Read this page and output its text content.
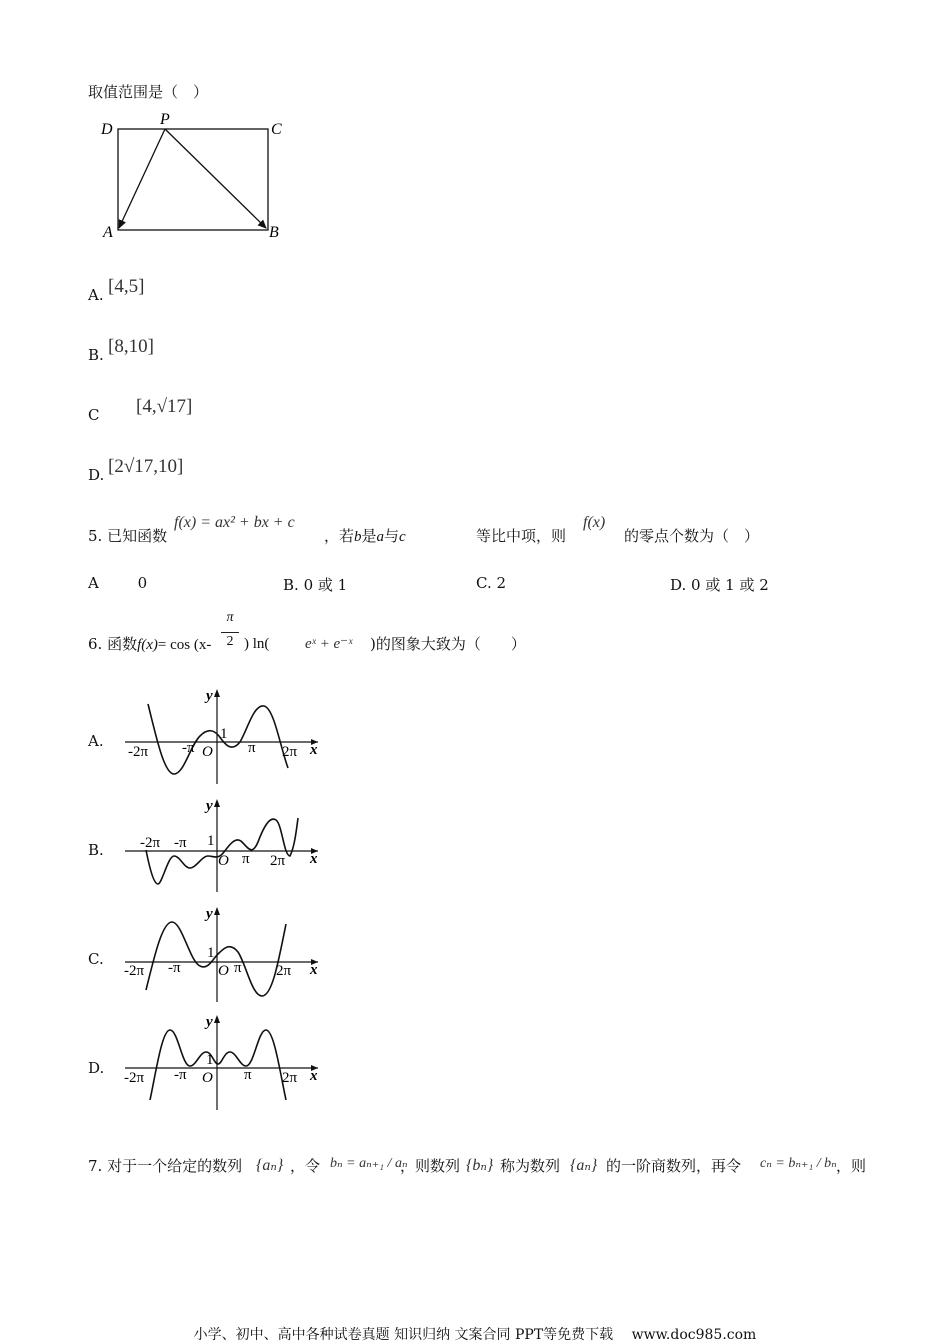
取值范围是（　）
D
P
C
A	B
A. [4,5]
B. [8,10]
C [4,√17]
D. [2√17,10]
5. 已知函数
f(x) = ax² + bx + c
，若b是a与c	等比中项，则
f(x)
的零点个数为（　）
A	0	B. 0 或 1	C. 2	D. 0 或 1 或 2
6. 函数f(x)= cos (x-
π
2 ) ln( eˣ + e⁻ˣ )的图象大致为（　　）
A.
y
x
-2π -π O
1
π 2π
B.
y
x
-2π -π 1
O π 2π
C.
y
x
-2π -π
1
O π 2π
D.
y
x
-2π -π
1
O π 2π
7. 对于一个给定的数列 {aₙ} ，令 bₙ = aₙ₊₁ / aₙ
，则数列 {bₙ} 称为数列 {aₙ} 的一阶商数列，再令 cₙ = bₙ₊₁ / bₙ ，则
小学、初中、高中各种试卷真题 知识归纳 文案合同 PPT等免费下载　 www.doc985.com
